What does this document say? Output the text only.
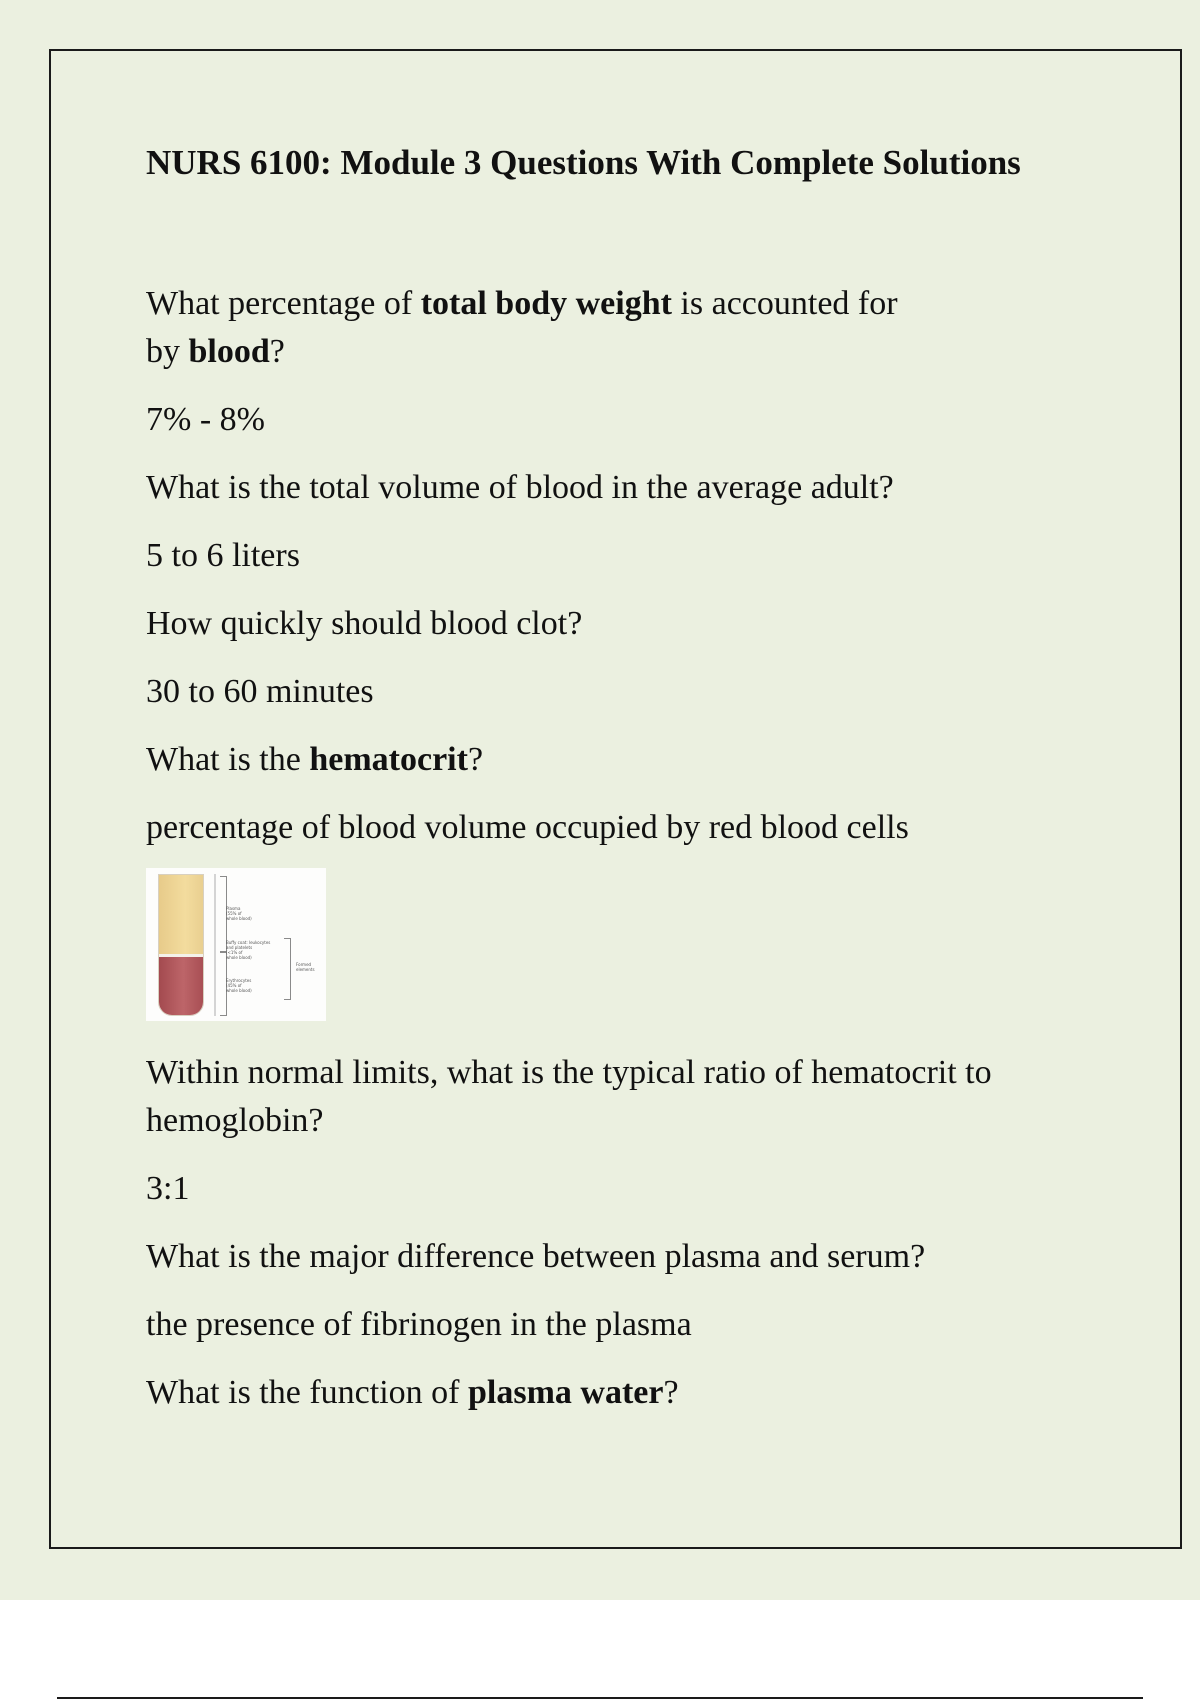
NURS 6100: Module 3 Questions With Complete Solutions

What percentage of total body weight is accounted for
by blood?

7% - 8%

What is the total volume of blood in the average adult?

5 to 6 liters

How quickly should blood clot?

30 to 60 minutes

What is the hematocrit?

percentage of blood volume occupied by red blood cells

Plasma
(55% of
whole blood)
Buffy coat: leukocytes
and platelets
(<1% of
whole blood)
Erythrocytes
(45% of
whole blood)
Formed
elements

Within normal limits, what is the typical ratio of hematocrit to hemoglobin?

3:1

What is the major difference between plasma and serum?

the presence of fibrinogen in the plasma

What is the function of plasma water?
